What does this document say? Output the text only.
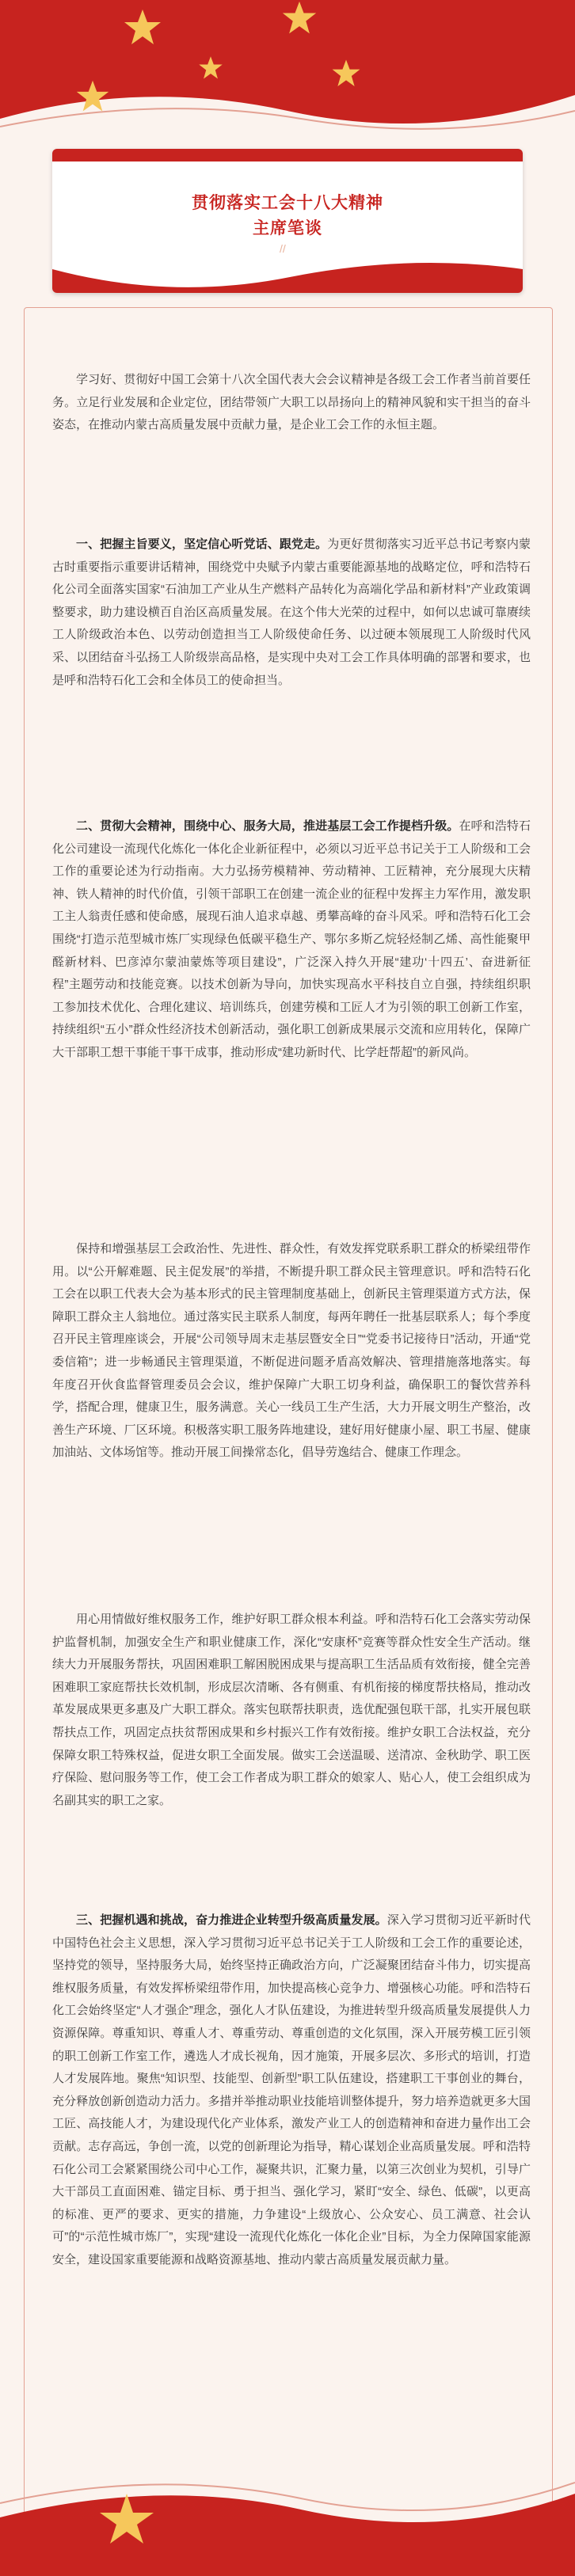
贯彻落实工会十八大精神
主席笔谈
//

学习好、贯彻好中国工会第十八次全国代表大会会议精神是各级工会工作者当前首要任务。立足行业发展和企业定位，团结带领广大职工以昂扬向上的精神风貌和实干担当的奋斗姿态，在推动内蒙古高质量发展中贡献力量，是企业工会工作的永恒主题。

一、把握主旨要义，坚定信心听党话、跟党走。为更好贯彻落实习近平总书记考察内蒙古时重要指示重要讲话精神，围绕党中央赋予内蒙古重要能源基地的战略定位，呼和浩特石化公司全面落实国家“石油加工产业从生产燃料产品转化为高端化学品和新材料”产业政策调整要求，助力建设横百自治区高质量发展。在这个伟大光荣的过程中，如何以忠诚可靠赓续工人阶级政治本色、以劳动创造担当工人阶级使命任务、以过硬本领展现工人阶级时代风采、以团结奋斗弘扬工人阶级崇高品格，是实现中央对工会工作具体明确的部署和要求，也是呼和浩特石化工会和全体员工的使命担当。

二、贯彻大会精神，围绕中心、服务大局，推进基层工会工作提档升级。在呼和浩特石化公司建设一流现代化炼化一体化企业新征程中，必须以习近平总书记关于工人阶级和工会工作的重要论述为行动指南。大力弘扬劳模精神、劳动精神、工匠精神，充分展现大庆精神、铁人精神的时代价值，引领干部职工在创建一流企业的征程中发挥主力军作用，激发职工主人翁责任感和使命感，展现石油人追求卓越、勇攀高峰的奋斗风采。呼和浩特石化工会围绕“打造示范型城市炼厂实现绿色低碳平稳生产、鄂尔多斯乙烷轻烃制乙烯、高性能聚甲醛新材料、巴彦淖尔蒙油蒙炼等项目建设”，广泛深入持久开展“建功‘十四五’、奋进新征程”主题劳动和技能竞赛。以技术创新为导向，加快实现高水平科技自立自强，持续组织职工参加技术优化、合理化建议、培训练兵，创建劳模和工匠人才为引领的职工创新工作室，持续组织“五小”群众性经济技术创新活动，强化职工创新成果展示交流和应用转化，保障广大干部职工想干事能干事干成事，推动形成“建功新时代、比学赶帮超”的新风尚。

保持和增强基层工会政治性、先进性、群众性，有效发挥党联系职工群众的桥梁纽带作用。以“公开解难题、民主促发展”的举措，不断提升职工群众民主管理意识。呼和浩特石化工会在以职工代表大会为基本形式的民主管理制度基础上，创新民主管理渠道方式方法，保障职工群众主人翁地位。通过落实民主联系人制度，每两年聘任一批基层联系人；每个季度召开民主管理座谈会，开展“公司领导周末走基层暨安全日”“党委书记接待日”活动，开通“党委信箱”；进一步畅通民主管理渠道，不断促进问题矛盾高效解决、管理措施落地落实。每年度召开伙食监督管理委员会会议，维护保障广大职工切身利益，确保职工的餐饮营养科学，搭配合理，健康卫生，服务满意。关心一线员工生产生活，大力开展文明生产整治，改善生产环境、厂区环境。积极落实职工服务阵地建设，建好用好健康小屋、职工书屋、健康加油站、文体场馆等。推动开展工间操常态化，倡导劳逸结合、健康工作理念。

用心用情做好维权服务工作，维护好职工群众根本利益。呼和浩特石化工会落实劳动保护监督机制，加强安全生产和职业健康工作，深化“安康杯”竞赛等群众性安全生产活动。继续大力开展服务帮扶，巩固困难职工解困脱困成果与提高职工生活品质有效衔接，健全完善困难职工家庭帮扶长效机制，形成层次清晰、各有侧重、有机衔接的梯度帮扶格局，推动改革发展成果更多惠及广大职工群众。落实包联帮扶职责，选优配强包联干部，扎实开展包联帮扶点工作，巩固定点扶贫帮困成果和乡村振兴工作有效衔接。维护女职工合法权益，充分保障女职工特殊权益，促进女职工全面发展。做实工会送温暖、送清凉、金秋助学、职工医疗保险、慰问服务等工作，使工会工作者成为职工群众的娘家人、贴心人，使工会组织成为名副其实的职工之家。

三、把握机遇和挑战，奋力推进企业转型升级高质量发展。深入学习贯彻习近平新时代中国特色社会主义思想，深入学习贯彻习近平总书记关于工人阶级和工会工作的重要论述，坚持党的领导，坚持服务大局，始终坚持正确政治方向，广泛凝聚团结奋斗伟力，切实提高维权服务质量，有效发挥桥梁纽带作用，加快提高核心竞争力、增强核心功能。呼和浩特石化工会始终坚定“人才强企”理念，强化人才队伍建设，为推进转型升级高质量发展提供人力资源保障。尊重知识、尊重人才、尊重劳动、尊重创造的文化氛围，深入开展劳模工匠引领的职工创新工作室工作，遴选人才成长视角，因才施策，开展多层次、多形式的培训，打造人才发展阵地。聚焦“知识型、技能型、创新型”职工队伍建设，搭建职工干事创业的舞台，充分释放创新创造动力活力。多措并举推动职业技能培训整体提升，努力培养造就更多大国工匠、高技能人才，为建设现代化产业体系，激发产业工人的创造精神和奋进力量作出工会贡献。志存高远，争创一流，以党的创新理论为指导，精心谋划企业高质量发展。呼和浩特石化公司工会紧紧围绕公司中心工作，凝聚共识，汇聚力量，以第三次创业为契机，引导广大干部员工直面困难、锚定目标、勇于担当、强化学习，紧盯“安全、绿色、低碳”，以更高的标准、更严的要求、更实的措施，力争建设“上级放心、公众安心、员工满意、社会认可”的“示范性城市炼厂”，实现“建设一流现代化炼化一体化企业”目标，为全力保障国家能源安全，建设国家重要能源和战略资源基地、推动内蒙古高质量发展贡献力量。
